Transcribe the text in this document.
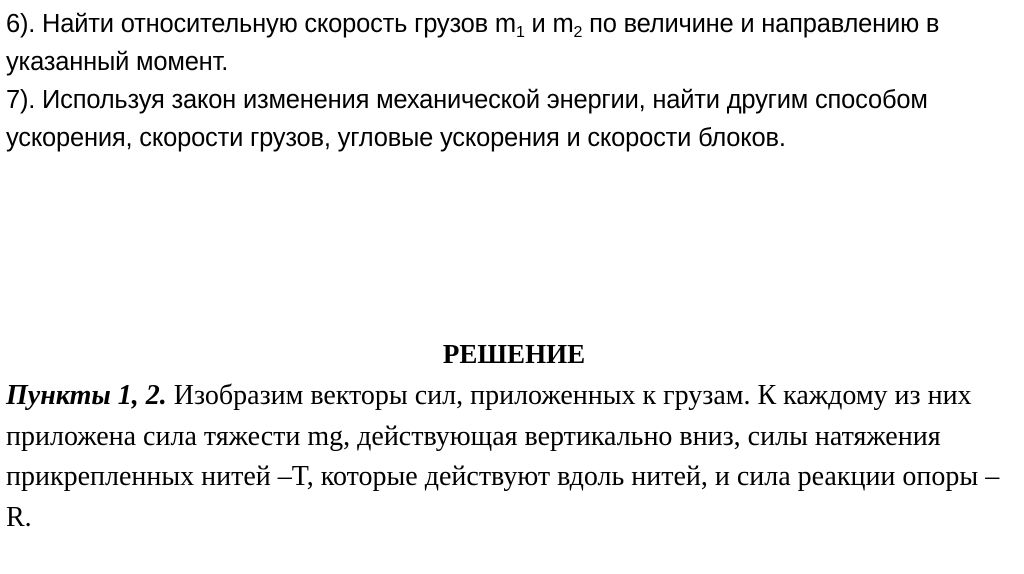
6). Найти относительную скорость грузов $m_1$ и $m_2$ по величине и направлению в указанный момент.

7). Используя закон изменения механической энергии, найти другим способом ускорения, скорости грузов, угловые ускорения и скорости блоков.

РЕШЕНИЕ

Пункты 1, 2. Изобразим векторы сил, приложенных к грузам. К каждому из них приложена сила тяжести mg, действующая вертикально вниз, силы натяжения прикрепленных нитей –T, которые действуют вдоль нитей, и сила реакции опоры – R.
